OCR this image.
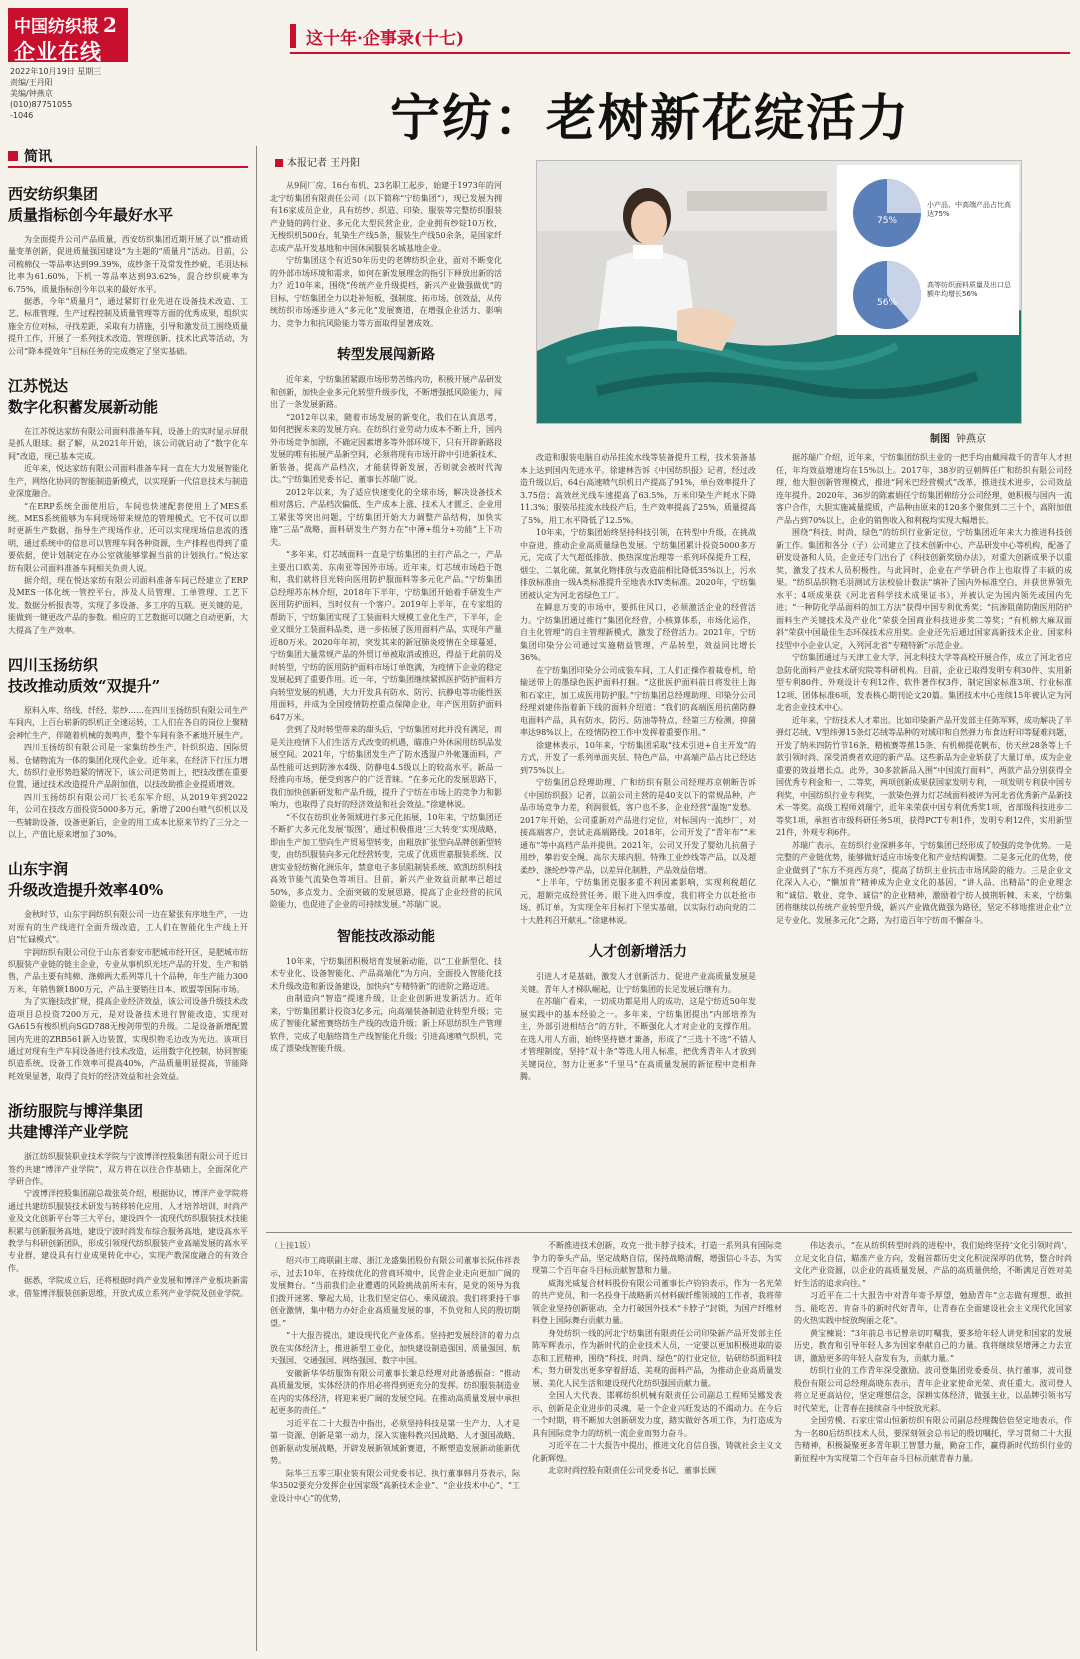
中国纺织报 2
企业在线
2022年10月19日 星期三
责编/王丹阳
美编/钟燕京
(010)87751055
-1046
这十年·企事录(十七)
宁纺：老树新花绽活力
简讯
西安纺织集团
质量指标创今年最好水平

为全面提升公司产品质量，西安纺织集团近期开展了以“推动质量变革创新，促进质量强国建设”为主题的“质量月”活动。目前，公司梳棉仪一等品率达到99.39%，成纱条干及常发性纱疵、毛羽达标比率为61.60%，下机一等品率达到93.62%，混合纱织疵率为6.75%，质量指标创今年以来的最好水平。

据悉，今年“质量月”，通过紧盯行业先进在设备技术改造、工艺、标准管理、生产过程控制及质量管理等方面的优秀成果，组织实施全方位对标，寻找差距，采取有力措施，引导和激发员工围绕质量提升工作，开展了一系列技术改造、管理创新、技术比武等活动，为公司“降本提效年”目标任务的完成奠定了坚实基础。

江苏悦达
数字化积蓄发展新动能

在江苏悦达家纺有限公司面料准备车间，设备上的实时显示屏很是抓人眼球。据了解，从2021年开始，该公司就启动了“数字化车间”改造，现已基本完成。

近年来，悦达家纺有限公司面料准备车间一直在大力发展智能化生产，网络化协同的智能制造新模式，以实现新一代信息技术与制造业深度融合。

“在ERP系统全面使用后，车间也快速配套使用上了MES系统。MES系统能够为车间现场带来规范的管理模式。它不仅可以即时更新生产数据，指导生产现场作业，还可以实现现场信息流的透明，通过系统中的信息可以管理车间各种资源，生产排程也得到了重要依据，使计划制定在办公室就能够掌握当前的计划执行。”悦达家纺有限公司面料准备车间相关负责人说。

据介绍，现在悦达家纺有限公司面料准备车间已经建立了ERP及MES一体化统一管控平台，涉及人员管理、工单管理、工艺下发、数据分析报表等，实现了多设备、多工序的互联。更关键的是，能做到一键更改产品的参数。相应的工艺数据可以随之自动更新，大大提高了生产效率。

四川玉扬纺织
技改推动质效“双提升”

原料入库、络线、纤经、浆纱……在四川玉扬纺织有限公司生产车间内，上百台崭新的织机正全速运转，工人们在各自的岗位上聚精会神忙生产，伴随着机械的轰鸣声，整个车间有条不紊地开展生产。

四川玉扬纺织有限公司是一家集纺纱生产、针织织造、国际贸易、仓储物流为一体的集团化现代企业。近年来，在经济下行压力增大、纺织行业形势趋紧的情况下，该公司逆势而上，把技改摆在重要位置，通过技术改造提升产品附加值，以技改助推企业提质增效。

四川玉扬纺织有限公司厂长毛东军介绍，从2019年到2022年，公司在技改方面投资5000多万元，新增了200台喷气织机以及一些辅助设备，设备更新后，企业的用工成本比原来节约了三分之一以上，产值比原来增加了30%。

山东宇润
升级改造提升效率40%

金秋时节，山东宇润纺织有限公司一边在紧张有序地生产，一边对原有的生产线进行全面升级改造，工人们在智能化生产线上开启“忙碌模式”。

宇润纺织有限公司位于山东省泰安市肥城市经开区，是肥城市纺织服装产业链的链主企业，专业从事机织光坯产品的开发、生产和销售，产品主要有纯棉、涤棉两大系列等几十个品种，年生产能力300万米，年销售额1800万元，产品主要销往日本、欧盟等国际市场。

为了实施技改扩规，提高企业经济效益，该公司设备升级技术改造项目总投资7200万元，是对设备技术进行智能改造，实现对GA615有梭织机向SGD788无梭剑带型的升级。二是设备新增配置国内先进的ZRB561新入边装置，实现织物毛边改为光边。该项目通过对现有生产车间设备进行技术改造，运用数字化控制，协同智能织造系统，设备工作效率可提高40%，产品质量明显提高，节能降耗效果显著，取得了良好的经济效益和社会效益。

浙纺服院与博洋集团
共建博洋产业学院

浙江纺织服装职业技术学院与宁波博洋控股集团有限公司于近日签约共建“博洋产业学院”，双方将在以往合作基础上，全面深化产学研合作。

宁波博洋控股集团副总裁张英介绍，根据协议，博洋产业学院将通过共建纺织服装技术研发与转移转化应用、人才培养培训、时尚产业及文化创新平台等三大平台，建设四个一流现代纺织服装技术技能积累与创新服务高地，建设宁波时尚发布综合服务高地，建设高水平教学与科研创新团队，形成引领现代纺织服装产业高端发展的高水平专业群，建设具有行业成果转化中心，实现产教深度融合的有效合作。

据悉，学院成立后，还将根据时尚产业发展和博洋产业板块新需求，借鉴博洋服装创新思维，开放式成立系列产业学院及创业学院。

本报记者 王丹阳

从9间厂房、16台布机、23名职工起步，始建于1973年的河北宁纺集团有限责任公司（以下简称“宁纺集团”），现已发展为拥有16家成员企业，具有纺纱、织造、印染、服装等完整纺织服装产业链的跨行业、多元化大型民营企业，企业拥有纱锭10万枚，无梭织机500台，轧染生产线5条，服装生产线50余条，是国家纤志成产品开发基地和中国休闲服装名城基地企业。

宁纺集团这个有近50年历史的老牌纺织企业，面对不断变化的外部市场环境和需求，如何在新发展理念的指引下释放出新的活力？近10年来，围绕“传统产业升级提档，新兴产业做强做优”的目标，宁纺集团全力以赴补短板、强制度、拓市场、创效益，从传统纺织市场逐步进入“多元化”发展赛道，在增强企业活力、影响力、竞争力和抗风险能力等方面取得显著成效。

转型发展闯新路

近年来，宁纺集团紧跟市场形势苦练内功，积极开展产品研发和创新，加快企业多元化转型升级步伐，不断增强抵风险能力，闯出了一条发展新路。

“2012年以来，随着市场发展的新变化，我们在认真思考，如何把握未来的发展方向。在纺织行业劳动力成本不断上升，国内外市场竞争加剧，不确定因素增多等外部环境下，只有开辟新路段发展的唯有拓展产品新空间，必须将现有市场开辟中引进新技术、新装备，提高产品档次，才能获得新发展，否则就会被时代淘汰。”宁纺集团党委书记、董事长苏瑞广说。

2012年以来，为了适应快速变化的全球市场，解决设备技术相对落后、产品档次偏低、生产成本上涨、技术人才匮乏、企业用工紧张等突出问题，宁纺集团开始大力调整产品结构，加快实施“三品”战略，面料研发生产努力在“中薄+组分+功能”上下功夫。

“多年来，灯芯绒面料一直是宁纺集团的主打产品之一，产品主要出口欧美、东南亚等国外市场。近年来，灯芯绒市场趋于饱和，我们就将目光转向医用防护服面料等多元化产品。”宁纺集团总经理苏东林介绍，2018年下半年，宁纺集团开始着手研发生产医用防护面料，当时仅有一个客户。2019年上半年，在专家组的帮助下，宁纺集团实现了工装面料大规模工业化生产，下半年，企业又细分工装面料品类，进一步拓展了医用面料产品，实现年产量近80万米。2020年年初，突发其来的新冠肺炎疫情在全球蔓延，宁纺集团大量常规产品的外贸订单被取消或推迟，得益于此前的及时转型，宁纺的医用防护面料市场订单饱满，为疫情下企业的稳定发展起到了重要作用。近一年，宁纺集团继续紧抓医护防护面料方向转型发展的机遇，大力开发具有防水、防污、抗静电等功能性医用面料，并成为全国疫情防控重点保障企业，年产医用防护面料647万米。

尝到了及时转型带来的甜头后，宁纺集团对此并没有满足，而是关注疫情下人们生活方式改变的机遇，瞄准户外休闲用纺织品发展空间。2021年，宁纺集团发生产了防水透湿户外帐篷面料，产品性能可达到防渗水4级、防静电4.5级以上的较高水平。新品一经推向市场，便受到客户的广泛青睐。“在多元化的发展思路下，我们加快创新研发和产品升级，提升了宁纺在市场上的竞争力和影响力，也取得了良好的经济效益和社会效益。”徐建林说。

“不仅在纺织业务领域进行多元化拓展，10年来，宁纺集团还不断扩大多元化发展‘版图’，通过积极推进‘三大转变’实现战略，即由生产加工型向生产贸易型转变，由粗放扩张型向品牌创新型转变，由纺织服装向多元化经营转变，完成了优质世嘉服装系统、汉唐实业轻纺衡化洲乐年，禁意电子多层阻制装系统、欧凯纺织科技高效节能气流染色等项目。目前，新兴产业效益贡献率已超过50%，多点发力、全面突破的发展思路，提高了企业经营的抗风险能力，也促进了企业的可持续发展。”苏瑞广说。

智能技改添动能

10年来，宁纺集团积极培育发展新动能，以“工业新型化、技术专业化、设备智能化、产品高端化”为方向，全面投入智能化技术升级改造和新设备建设，加快向“专精特新”的进阶之路迈进。

由制造向“智造”提速升级，让企业创新进发新活力。近年来，宁纺集团累计投资3亿多元，向高端装备制造业转型升级；完成了智能化紧密赛络纺生产线的改造升级；新上环思纺织生产管理软件，完成了电脑络筒生产线智能化升级；引进高速喷气织机，完成了漂染线智能升级。

改造和服装电脑自动吊挂流水线等装备提升工程，技术装备基本上达到国内先进水平。徐建林告诉《中国纺织报》记者，经过改造升级以后，64台高速喷气织机日产提高了91%，单台效率提升了3.75倍；高效丝光线车速提高了63.5%，万米印染生产耗水下降11.3%；服装吊挂流水线投产后，生产效率提高了25%，质量提高了5%，用工水平降低了12.5%。

10年来，宁纺集团始终坚持科技引领，在转型中升级，在挑战中奋进，推动企业高质量绿色发展。宁纺集团累计投资5000多万元，完成了大气超低排放、换热深度治理等一系列环保提升工程，烟尘、二氧化硫、氮氧化物排放与改造前相比降低35%以上，污水排放标准由一级A类标准提升至地表水IV类标准。2020年，宁纺集团被认定为河北省绿色工厂。

在瞬息万变的市场中，要抓住风口，必须激活企业的经营活力。宁纺集团通过推行“集团化经营，小核算体系，市场化运作，自主化管理”的自主管理新模式，激发了经营活力。2021年，宁纺集团印染分公司通过实施精益管理，产品转型，效益同比增长36%。

在宁纺集团印染分公司成装车间，工人们正操作着裁卷机，给输送带上的墨绿色医护面料打捆。“这批医护面料前日将发往上海和石家庄，加工成医用防护服。”宁纺集团总经理助理、印染分公司经理刘建伟指着新下线的面料介绍道：“我们的高端医用抗菌防静电面料产品，具有防水、防污、防油等特点，经第三方检测，抑菌率达98%以上，在疫情防控工作中发挥着重要作用。”

徐建林表示，10年来，宁纺集团采取“技术引进+自主开发”的方式，开发了一系列单面夹层、特色产品，中高端产品占比已经达到75%以上。

宁纺集团总经理助理、广和纺织有限公司经理苏京朝断告诉《中国纺织报》记者，以前公司主营的是40支以下的常规品种，产品市场竞争力差，利润很低，客户也不多，企业经营“温饱”发愁。2017年开始，公司重新对产品进行定位，对标国内一流纱厂，对接高端客户，尝试走高端路线。2018年，公司开发了“青年布”“米通布”等中高档产品并提供。2021年，公司又开发了婴幼儿抗菌子用纱，攀岩安全绳、高尔夫球内胆、特殊工业纱线等产品，以及超柔纱、涤纶纱等产品，以差异化制胜，产品效益倍增。

“上半年，宁纺集团克服多重不利因素影响，实现利税超亿元，超额完成经营任务。眼下进入四季度，我们将全力以赴抢市场、抓订单，为实现全年目标打下坚实基础，以实际行动向党的二十大胜利召开献礼。”徐建林说。

人才创新增活力

引进人才是基础，激发人才创新活力、促进产业高质量发展是关键。青年人才梯队崛起，让宁纺集团的长足发展后继有力。

在苏瑞广看来，一切成功都是用人的成功，这是宁纺近50年发展实践中的基本经验之一。多年来，宁纺集团提出“内部培养为主，外部引进相结合”的方针，不断强化人才对企业的支撑作用。在选人用人方面，始终坚持德才兼备，形成了“三选十不选”不错人才管理制度，坚持“双十条”等选人用人标准，把优秀青年人才放到关键岗位，努力让更多“千里马”在高质量发展的新征程中竞相奔腾。

据苏瑞广介绍，近年来，宁纺集团纺织主业的一把手均由戴闯裁千的青年人才担任，年均效益增速均在15%以上。2017年，38岁的豆朝辉任广和纺织有限公司经理，他大胆创新管理模式，推进“阿米巴经营模式”改革，推进技术进步，公司效益连年提升。2020年，36岁的陈素娟任宁纺集团棉纺分公司经理，她积极与国内一流客户合作，大胆实施减量提质，产品种由原来的120多个聚焦到二三十个，高附加值产品占到70%以上，企业的销售收入和利税均实现大幅增长。

围绕“科技、时尚、绿色”的纺织行业新定位，宁纺集团近年来大力推进科技创新工作。集团和各分（子）公司建立了技术创新中心、产品研发中心等机构，配备了研发设备和人员，企业还专门出台了《科技创新奖励办法》，对重大创新成果予以重奖，激发了技术人员积极性。与此同时，企业在产学研合作上也取得了丰硕的成果。“纺织品织物毛羽测试方法校验计数法”填补了国内外标准空白，并获世界领先水平；4项成果获《河北省科学技术成果证书》，并被认定为国内领先或国内先进；“一种防化学品面料的加工方法”获得中国专利优秀奖；“抗渗阻菌防菌医用防护面料生产关键技术及产业化”荣获全国商业科技进步奖二等奖；“有机棉大麻双面斜”荣获中国最佳生态环保技术应用奖。企业还先后通过国家高新技术企业、国家科技型中小企业认定，入列河北省“专精特新”示范企业。

宁纺集团通过与天津工业大学、河北科技大学等高校开展合作，成立了河北省应急防化面料产业技术研究院等科研机构。目前，企业已取得发明专利30件、实用新型专利80件、外观设计专利12件、软件著作权3件，制定国家标准3项、行业标准12项、团体标准6项，发表核心期刊论文20篇。集团技术中心连续15年被认定为河北省企业技术中心。

近年来，宁纺技术人才辈出。比如印染新产品开发部主任陈军辉，成功解决了半弹灯芯绒、V型纬弹15条灯芯绒等品种的对域印和自然弹力布食边籽印等疑难问题，开发了纳米四防竹节16条、精梳赛等蕉15条、有机棉提花帆布、仿天丝28条等上千款引领时尚、深受消费者欢迎的新产品。这些新品为企业斩获了大量订单，成为企业重要的效益增长点。此外，30多款新品入围“中国流行面料”，两款产品分别获得全国优秀专利金和一、二等奖，两项创新成果获国家发明专利，一项发明专利获中国专利奖，中国纺织行业专利奖，一款染色弹力灯芯绒面料被评为河北省优秀新产品新技术一等奖。高级工程师刘瑞宁，近年来荣获中国专利优秀奖1项，省部级科技进步二等奖1项，承担省市级科研任务5项，获得PCT专利1件，发明专利12件，实用新型21件，外观专利6件。

苏瑞广表示，在纺织行业深耕多年，宁纺集团已经形成了较强的竞争优势。一是完整的产业链优势，能够做好适应市场变化和产业结构调整。二是多元化的优势，使企业做到了“东方不亮西方亮”，提高了纺织主业抗击市场风险的能力。三是企业文化深入人心，“懒加肯”精神成为企业文化的基因，“讲人品、出精品”的企业理念和“诚信、敬业、竞争、诚信”的企业精神，激励着宁纺人披荆斩棘、未来，宁纺集团将继续以传统产业转型升级，新兴产业做优做强为路径，坚定不移地推进企业“立足专业化、发展多元化”之路，为打造百年宁纺而不懈奋斗。

75%
56%
小产品、中高端产品占比高达75%
高等纺织面料质量及出口总额年均增长56%
制图 钟燕京
（上接1版）

绍兴市工商联副主席、浙江龙盛集团股份有限公司董事长阮伟祥表示，过去10年，在持续优化的营商环境中，民营企业走向更加广阔的发展舞台。“当前我们企业遭遇的风险挑战前所未有，是党的领导为我们拨开迷雾、擎起大局，让我们坚定信心、乘风破浪。我们将秉持干事创业激情，集中精力办好企业高质量发展的事，不负党和人民的殷切期望。”

“十大报告提出，建设现代化产业体系。坚持把发展经济的着力点放在实体经济上，推进新型工业化，加快建设制造强国、质量强国、航天强国、交通强国、网络强国、数字中国。

安徽新华华纺服饰有限公司董事长兼总经理对此备感振奋：“推动高质量发展，实体经济的作用必将得到更充分的发挥。纺织服装制造业在内的实体经济，将迎来更广阔的发展空间。在推动高质量发展中承担起更多的责任。”

习近平在二十大报告中指出，必须坚持科技是第一生产力、人才是第一资源、创新是第一动力，深入实施科教兴国战略、人才强国战略、创新驱动发展战略，开辟发展新领域新赛道，不断塑造发展新动能新优势。

际华三五零三职业装有限公司党委书记、执行董事韩月芬表示，际华3502要充分发挥企业国家级“高新技术企业”、“企业技术中心”、“工业设计中心”的优势，

不断推进技术创新，攻克一批卡脖子技术，打造一系列具有国际竞争力的拳头产品，坚定战略自信，保持战略清醒，增强信心斗志，为实现第二个百年奋斗目标贡献智慧和力量。

威海光威复合材料股份有限公司董事长卢钧钧表示，作为一名光荣的共产党员，和一名投身于战略新兴材料碳纤维领域的工作者，我将带领企业坚持创新驱动，全力打破国外技术“卡脖子”封锁，为国产纤维材料登上国际舞台贡献力量。

身处纺织一线的河北宁纺集团有限责任公司印染新产品开发部主任陈军辉表示，作为新时代的企业技术人员，一定要以更加积极进取的姿态和工匠精神，围绕“科技、时尚、绿色”的行业定位，钻研纺织面料技术，努力研发出更多穿着舒适、美观的面料产品，为推动企业高质量发展、美化人民生活和建设现代化纺织强国贡献力量。

全国人大代表、邯郸纺织机械有限责任公司副总工程师吴娜发表示，创新是企业进步的灵魂，是一个企业兴旺发达的不竭动力。在今后一个时期，将不断加大创新研发力度，踏实做好各项工作，为打造成为具有国际竞争力的纺机一流企业而努力奋斗。

习近平在二十大报告中提出，推进文化自信自强，铸就社会主义文化新辉煌。

北京时尚控股有限责任公司党委书记、董事长顾

伟达表示，“在从纺织转型时尚的进程中，我们始终坚持‘文化引领时尚’，立足文化自信，瞄准产业方向，发掘首都历史文化积淀深厚的优势，整合时尚文化产业资源，以企业的高质量发展，产品的高质量供给，不断满足百姓对美好生活的追求向往。”

习近平在二十大报告中对青年寄予厚望，勉励青年“立志做有理想、敢担当、能吃苦、肯奋斗的新时代好青年，让青春在全面建设社会主义现代化国家的火热实践中绽放绚丽之花”。

黄宝楝说：“3年前总书记曾亲切叮嘱我，要多给年轻人讲党和国家的发展历史，教育和引导年轻人多为国家奉献自己的力量。我将继续坚增薄之力去宣讲，激励更多的年轻人奋发有为，贡献力量。”

纺织行业的工作青年深受激励。波司登集团党委委员、执行董事，波司登股份有限公司总经理高晓东表示，青年企业家使命光荣、责任重大。波司登人将立足更高站位，坚定理想信念，深耕实体经济，做强主业，以品牌引领书写时代荣光，让青春在接续奋斗中绽放光彩。

全国劳模、石家庄常山恒新纺织有限公司副总经理魏倍倍坚定地表示，作为一名80后纺织技术人员，要深刻领会总书记的殷切嘱托，学习贯彻二十大报告精神，积极凝聚更多青年职工智慧力量，勤奋工作，赢得新时代纺织行业的新征程中为实现第二个百年奋斗目标贡献青春力量。
